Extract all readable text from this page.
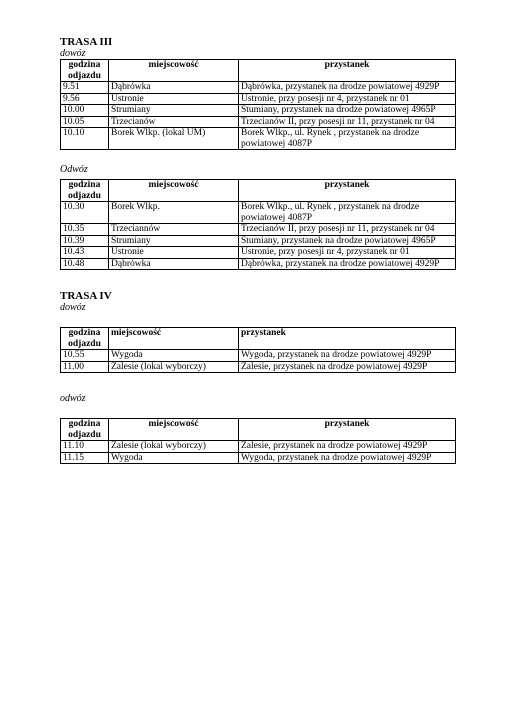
TRASA III

dowóz

godzina odjazdu	miejscowość	przystanek
9.51	Dąbrówka	Dąbrówka, przystanek na drodze powiatowej 4929P
9.56	Ustronie	Ustronie, przy posesji nr 4, przystanek nr 01
10.00	Strumiany	Stumiany, przystanek na drodze powiatowej 4965P
10.05	Trzecianów	Trzecianów II, przy posesji nr 11, przystanek nr 04
10.10	Borek Wlkp. (lokal UM)	Borek Wlkp., ul. Rynek , przystanek na drodze powiatowej 4087P

Odwóz

godzina odjazdu	miejscowość	przystanek
10.30	Borek Wlkp.	Borek Wlkp., ul. Rynek , przystanek na drodze powiatowej 4087P
10.35	Trzeciannów	Trzecianów II, przy posesji nr 11, przystanek nr 04
10.39	Strumiany	Stumiany, przystanek na drodze powiatowej 4965P
10.43	Ustronie	Ustronie, przy posesji nr 4, przystanek nr 01
10.48	Dąbrówka	Dąbrówka, przystanek na drodze powiatowej 4929P

TRASA IV

dowóz

godzina odjazdu	miejscowość	przystanek
10.55	Wygoda	Wygoda, przystanek na drodze powiatowej 4929P
11.00	Zalesie (lokal wyborczy)	Zalesie, przystanek na drodze powiatowej 4929P

odwóz

godzina odjazdu	miejscowość	przystanek
11.10	Zalesie (lokal wyborczy)	Zalesie, przystanek na drodze powiatowej 4929P
11.15	Wygoda	Wygoda, przystanek na drodze powiatowej 4929P
